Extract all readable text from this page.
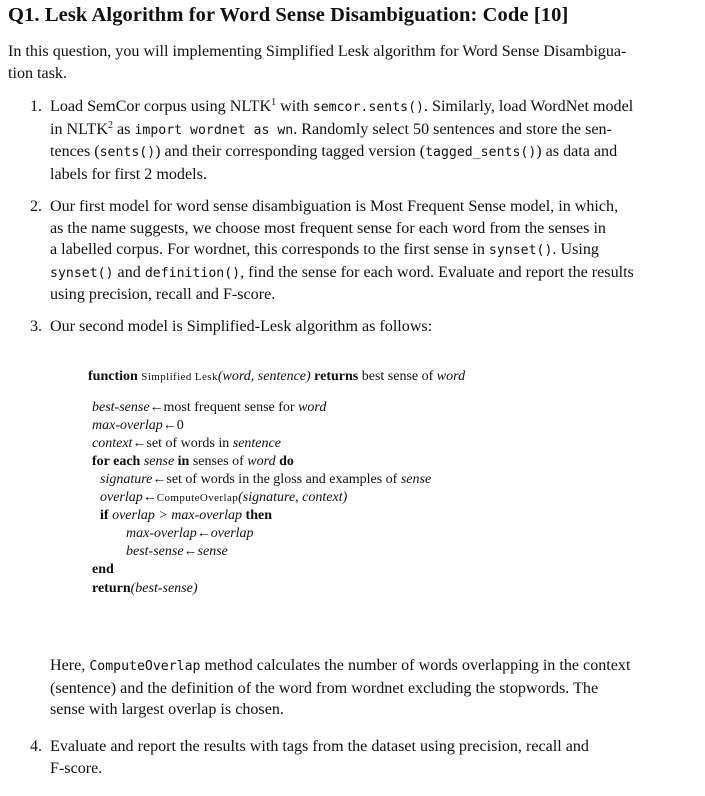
Q1. Lesk Algorithm for Word Sense Disambiguation: Code [10]
In this question, you will implementing Simplified Lesk algorithm for Word Sense Disambigua-
tion task.
1. Load SemCor corpus using NLTK$^1$ with semcor.sents(). Similarly, load WordNet model
in NLTK$^2$ as import wordnet as wn. Randomly select 50 sentences and store the sen-
tences (sents()) and their corresponding tagged version (tagged_sents()) as data and
labels for first 2 models.
2. Our first model for word sense disambiguation is Most Frequent Sense model, in which,
as the name suggests, we choose most frequent sense for each word from the senses in
a labelled corpus. For wordnet, this corresponds to the first sense in synset(). Using
synset() and definition(), find the sense for each word. Evaluate and report the results
using precision, recall and F-score.
3. Our second model is Simplified-Lesk algorithm as follows:
function Simplified Lesk(word, sentence) returns best sense of word
best-sense←most frequent sense for word
max-overlap←0
context←set of words in sentence
for each sense in senses of word do
signature←set of words in the gloss and examples of sense
overlap←ComputeOverlap(signature, context)
if overlap > max-overlap then
max-overlap←overlap
best-sense←sense
end
return(best-sense)
Here, ComputeOverlap method calculates the number of words overlapping in the context
(sentence) and the definition of the word from wordnet excluding the stopwords. The
sense with largest overlap is chosen.
4. Evaluate and report the results with tags from the dataset using precision, recall and
F-score.
